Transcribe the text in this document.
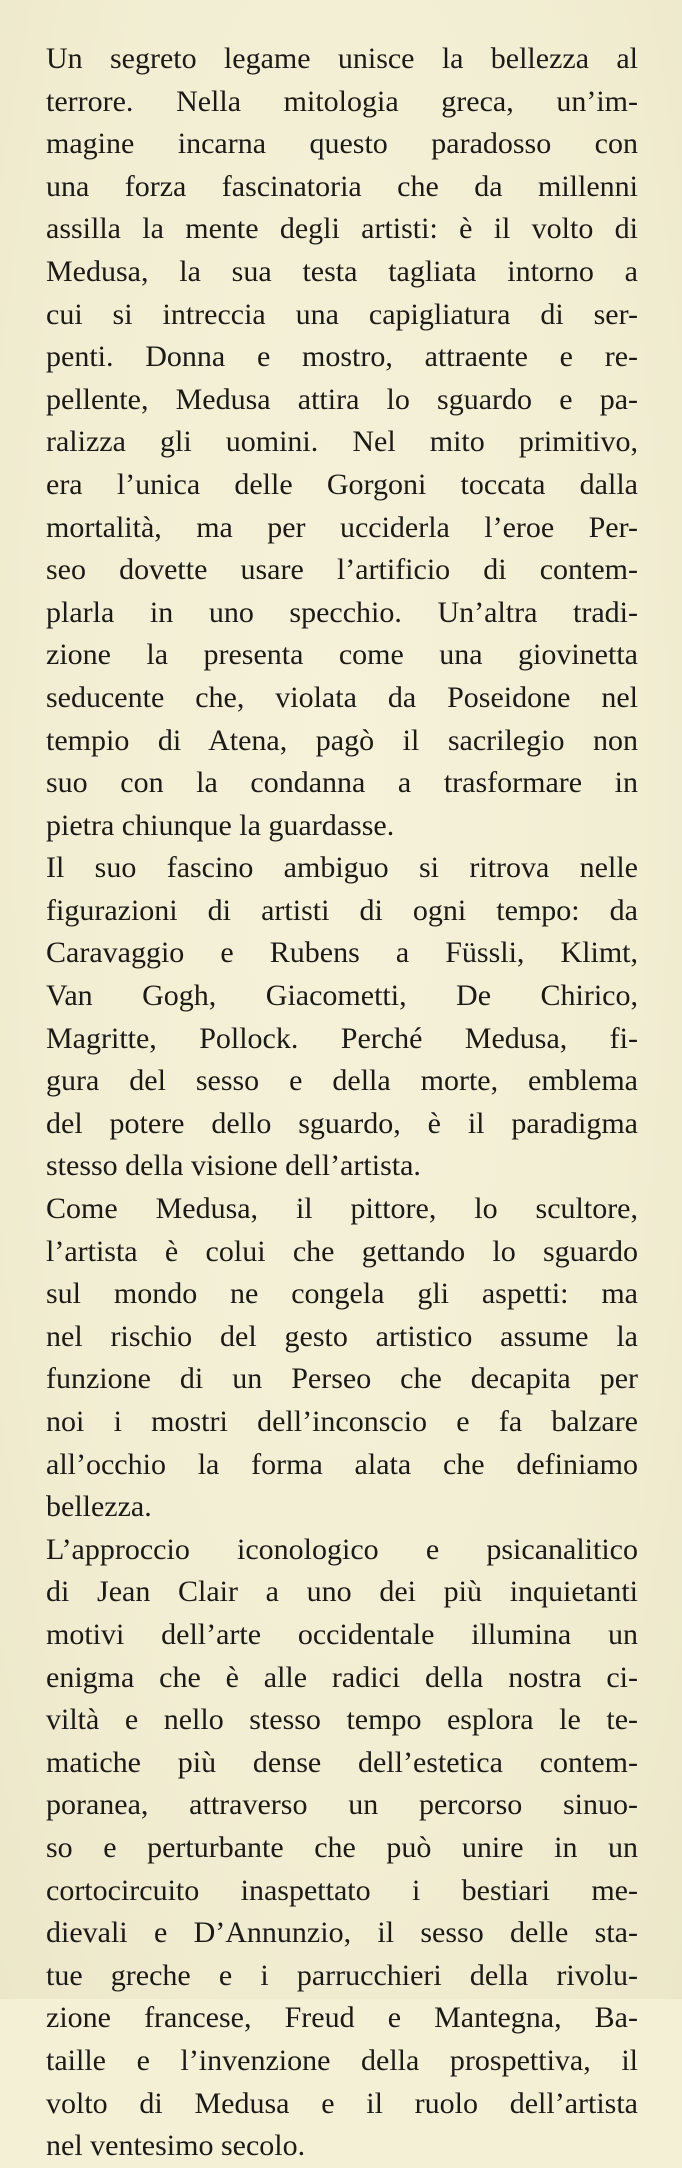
Un segreto legame unisce la bellezza al
terrore. Nella mitologia greca, un’im-
magine incarna questo paradosso con
una forza fascinatoria che da millenni
assilla la mente degli artisti: è il volto di
Medusa, la sua testa tagliata intorno a
cui si intreccia una capigliatura di ser-
penti. Donna e mostro, attraente e re-
pellente, Medusa attira lo sguardo e pa-
ralizza gli uomini. Nel mito primitivo,
era l’unica delle Gorgoni toccata dalla
mortalità, ma per ucciderla l’eroe Per-
seo dovette usare l’artificio di contem-
plarla in uno specchio. Un’altra tradi-
zione la presenta come una giovinetta
seducente che, violata da Poseidone nel
tempio di Atena, pagò il sacrilegio non
suo con la condanna a trasformare in
pietra chiunque la guardasse.
Il suo fascino ambiguo si ritrova nelle
figurazioni di artisti di ogni tempo: da
Caravaggio e Rubens a Füssli, Klimt,
Van Gogh, Giacometti, De Chirico,
Magritte, Pollock. Perché Medusa, fi-
gura del sesso e della morte, emblema
del potere dello sguardo, è il paradigma
stesso della visione dell’artista.
Come Medusa, il pittore, lo scultore,
l’artista è colui che gettando lo sguardo
sul mondo ne congela gli aspetti: ma
nel rischio del gesto artistico assume la
funzione di un Perseo che decapita per
noi i mostri dell’inconscio e fa balzare
all’occhio la forma alata che definiamo
bellezza.
L’approccio iconologico e psicanalitico
di Jean Clair a uno dei più inquietanti
motivi dell’arte occidentale illumina un
enigma che è alle radici della nostra ci-
viltà e nello stesso tempo esplora le te-
matiche più dense dell’estetica contem-
poranea, attraverso un percorso sinuo-
so e perturbante che può unire in un
cortocircuito inaspettato i bestiari me-
dievali e D’Annunzio, il sesso delle sta-
tue greche e i parrucchieri della rivolu-
zione francese, Freud e Mantegna, Ba-
taille e l’invenzione della prospettiva, il
volto di Medusa e il ruolo dell’artista
nel ventesimo secolo.
